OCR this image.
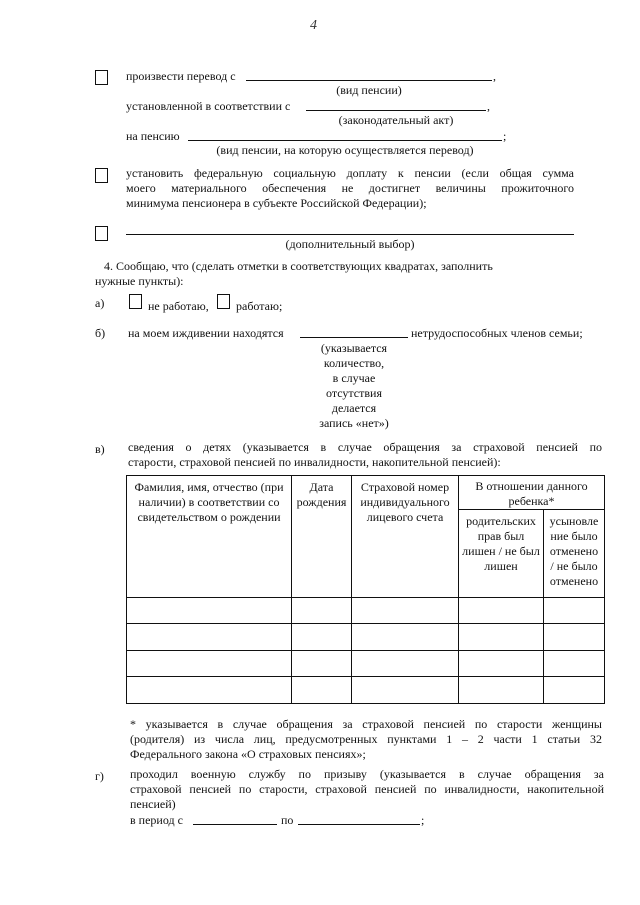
4
произвести перевод с	,
(вид пенсии)
установленной в соответствии с	,
(законодательный акт)
на пенсию	;
(вид пенсии, на которую осуществляется перевод)
установить федеральную социальную доплату к пенсии (если общая сумма
моего материального обеспечения не достигнет величины прожиточного
минимума пенсионера в субъекте Российской Федерации);
(дополнительный выбор)
4. Сообщаю, что (сделать отметки в соответствующих квадратах, заполнить
нужные пункты):
а)	не работаю, работаю;
б) на моем иждивении находятся	нетрудоспособных членов семьи;
(указывается
количество,
в случае
отсутствия
делается
запись «нет»)
в) сведения о детях (указывается в случае обращения за страховой пенсией по
старости, страховой пенсией по инвалидности, накопительной пенсией):
Фамилия, имя, отчество (при наличии) в соответствии со свидетельством о рождении	Дата рождения	Страховой номер индивидуального лицевого счета	В отношении данного ребенка*	
			родительских прав был лишен / не был лишен	усыновление было отменено / не было отменено

* указывается в случае обращения за страховой пенсией по старости женщины
(родителя) из числа лиц, предусмотренных пунктами 1 – 2 части 1 статьи 32
Федерального закона «О страховых пенсиях»;
г) проходил военную службу по призыву (указывается в случае обращения за
страховой пенсией по старости, страховой пенсией по инвалидности, накопительной
пенсией)
в период с	по	;
